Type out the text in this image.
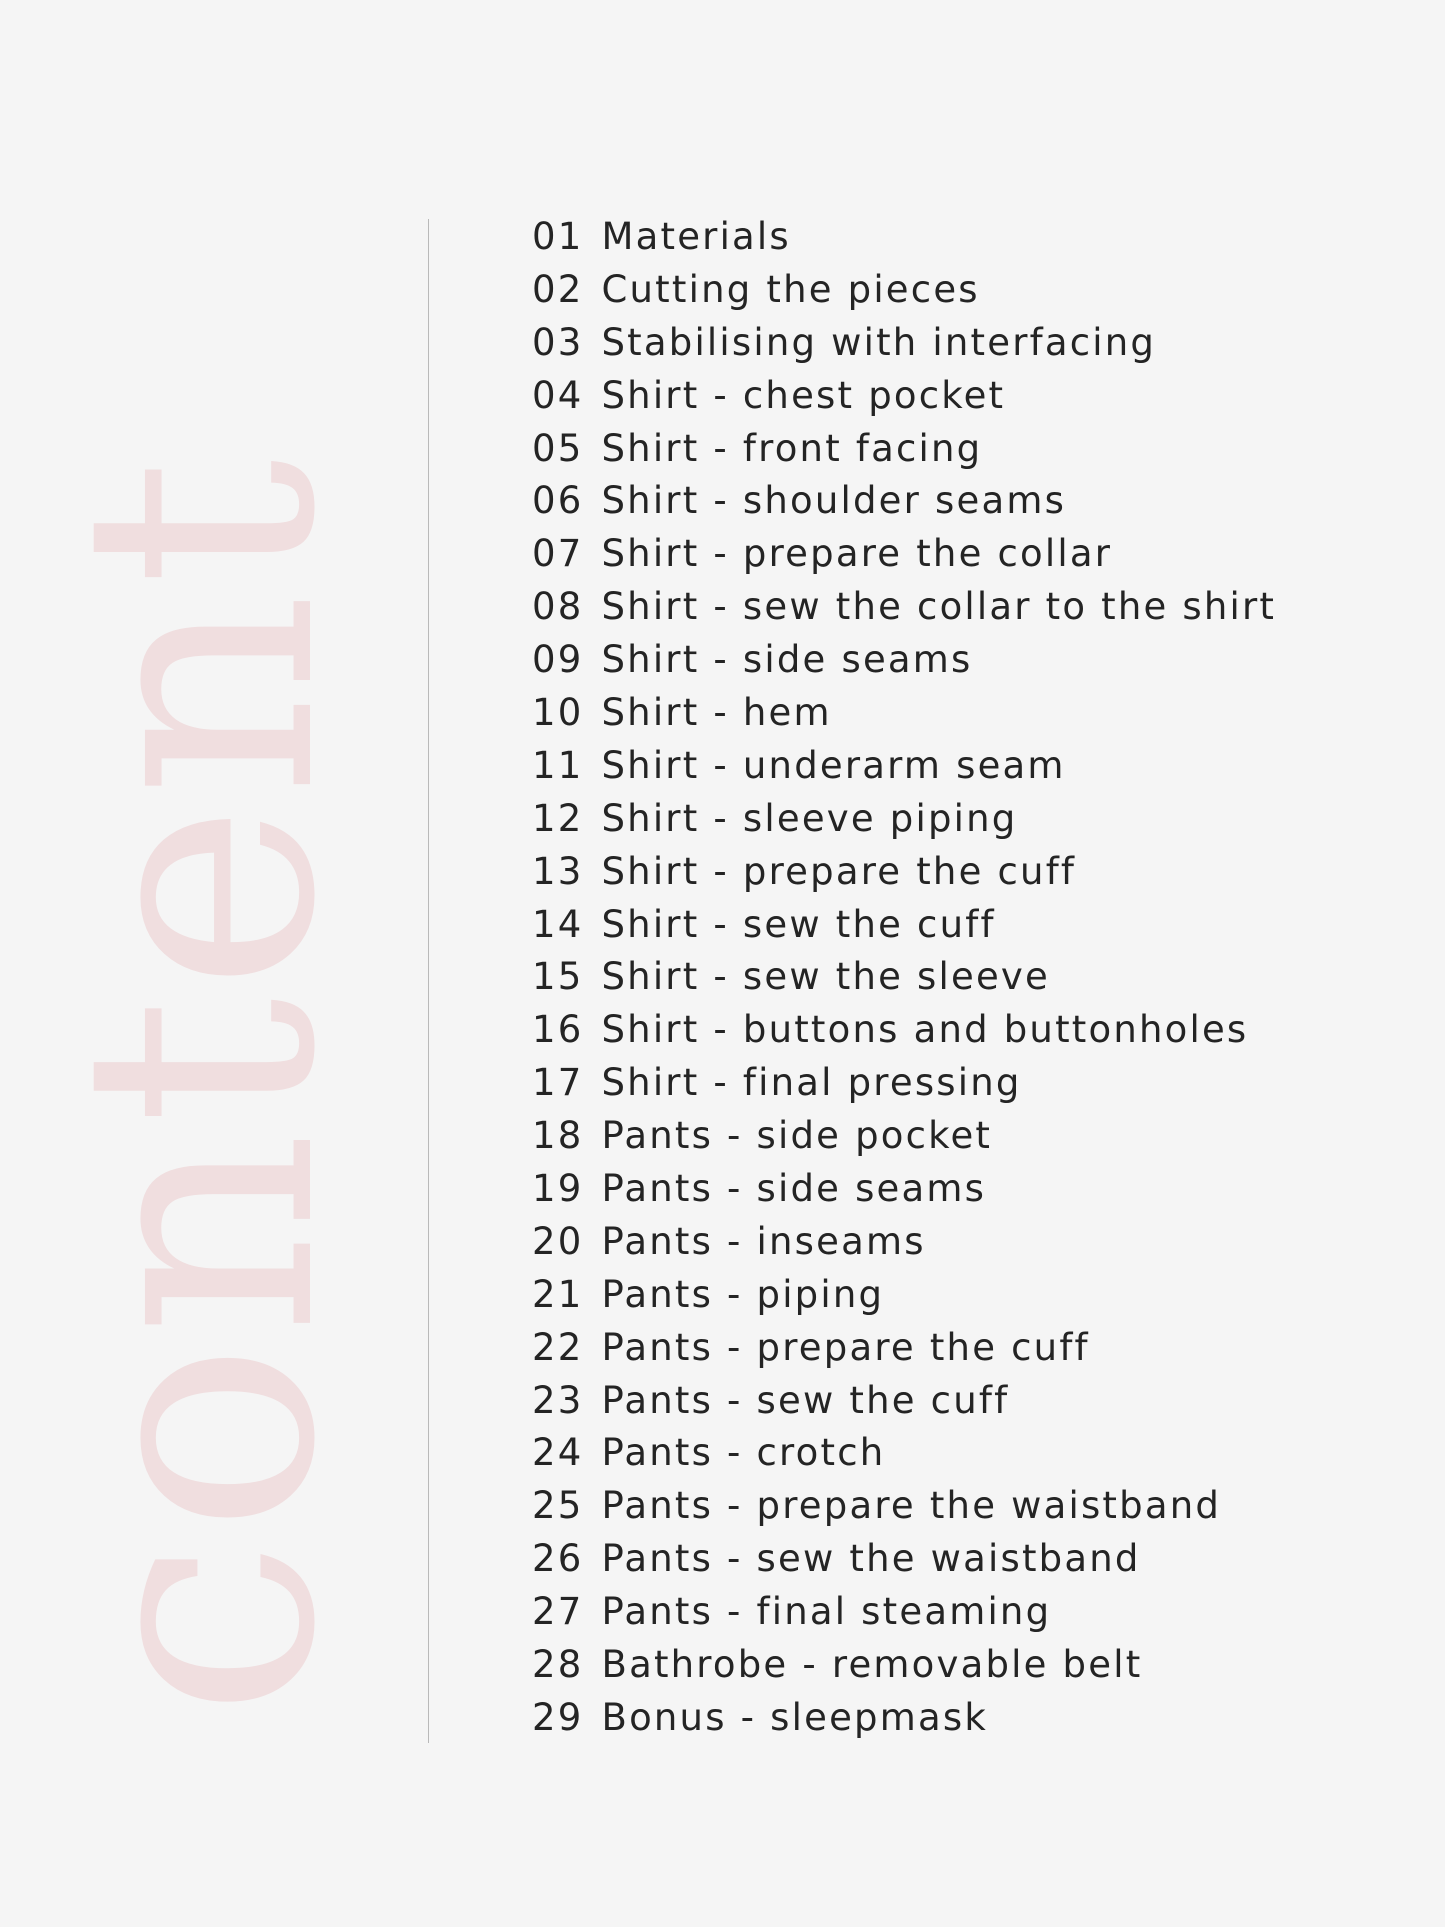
content
01 Materials
02 Cutting the pieces
03 Stabilising with interfacing
04 Shirt - chest pocket
05 Shirt - front facing
06 Shirt - shoulder seams
07 Shirt - prepare the collar
08 Shirt - sew the collar to the shirt
09 Shirt - side seams
10 Shirt - hem
11 Shirt - underarm seam
12 Shirt - sleeve piping
13 Shirt - prepare the cuff
14 Shirt - sew the cuff
15 Shirt - sew the sleeve
16 Shirt - buttons and buttonholes
17 Shirt - final pressing
18 Pants - side pocket
19 Pants - side seams
20 Pants - inseams
21 Pants - piping
22 Pants - prepare the cuff
23 Pants - sew the cuff
24 Pants - crotch
25 Pants - prepare the waistband
26 Pants - sew the waistband
27 Pants - final steaming
28 Bathrobe - removable belt
29 Bonus - sleepmask
